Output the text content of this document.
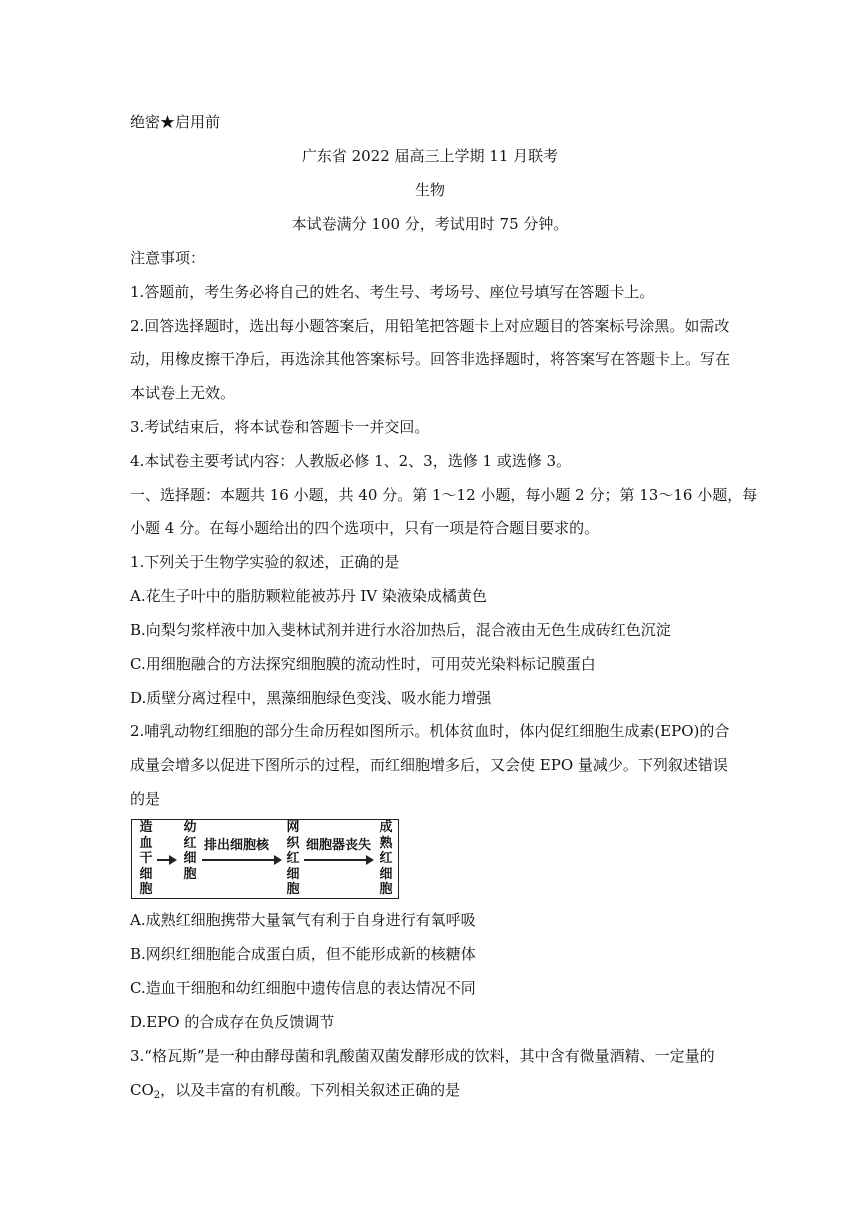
绝密★启用前
广东省 2022 届高三上学期 11 月联考
生物
本试卷满分 100 分，考试用时 75 分钟。
注意事项：
1.答题前，考生务必将自己的姓名、考生号、考场号、座位号填写在答题卡上。
2.回答选择题时，选出每小题答案后，用铅笔把答题卡上对应题目的答案标号涂黑。如需改
动，用橡皮擦干净后，再选涂其他答案标号。回答非选择题时，将答案写在答题卡上。写在
本试卷上无效。
3.考试结束后，将本试卷和答题卡一并交回。
4.本试卷主要考试内容：人教版必修 1、2、3，选修 1 或选修 3。
一、选择题：本题共 16 小题，共 40 分。第 1～12 小题，每小题 2 分；第 13～16 小题，每
小题 4 分。在每小题给出的四个选项中，只有一项是符合题目要求的。
1.下列关于生物学实验的叙述，正确的是
A.花生子叶中的脂肪颗粒能被苏丹 IV 染液染成橘黄色
B.向梨匀浆样液中加入斐林试剂并进行水浴加热后，混合液由无色生成砖红色沉淀
C.用细胞融合的方法探究细胞膜的流动性时，可用荧光染料标记膜蛋白
D.质壁分离过程中，黑藻细胞绿色变浅、吸水能力增强
2.哺乳动物红细胞的部分生命历程如图所示。机体贫血时，体内促红细胞生成素(EPO)的合
成量会增多以促进下图所示的过程，而红细胞增多后，又会使 EPO 量减少。下列叙述错误
的是
造
血
干
细
胞
幼
红
细
胞
排出细胞核
网
织
红
细
胞
细胞器丧失
成
熟
红
细
胞
A.成熟红细胞携带大量氧气有利于自身进行有氧呼吸
B.网织红细胞能合成蛋白质，但不能形成新的核糖体
C.造血干细胞和幼红细胞中遗传信息的表达情况不同
D.EPO 的合成存在负反馈调节
3.“格瓦斯”是一种由酵母菌和乳酸菌双菌发酵形成的饮料，其中含有微量酒精、一定量的
$CO_2$，以及丰富的有机酸。下列相关叙述正确的是
